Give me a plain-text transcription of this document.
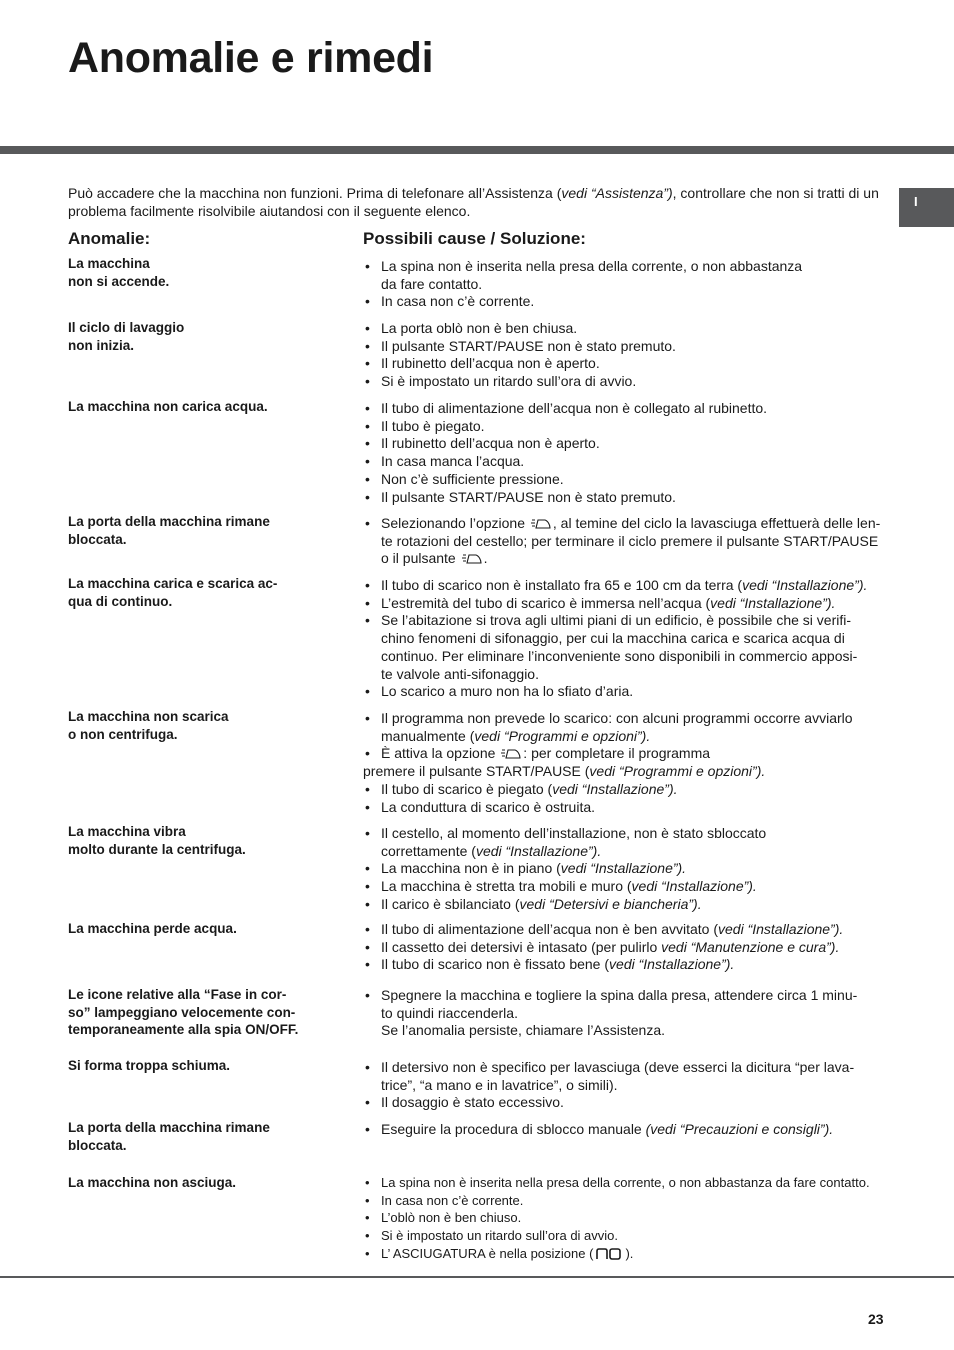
Anomalie e rimedi
I

Può accadere che la macchina non funzioni. Prima di telefonare all’Assistenza (vedi “Assistenza”), controllare che non si tratti di un problema facilmente risolvibile aiutandosi con il seguente elenco.

Anomalie:	Possibili cause / Soluzione:

La macchina
non si accende.

• La spina non è inserita nella presa della corrente, o non abbastanza
da fare contatto.
• In casa non c’è corrente.

Il ciclo di lavaggio
non inizia.

• La porta oblò non è ben chiusa.
• Il pulsante START/PAUSE non è stato premuto.
• Il rubinetto dell’acqua non è aperto.
• Si è impostato un ritardo sull’ora di avvio.

La macchina non carica acqua.	• Il tubo di alimentazione dell’acqua non è collegato al rubinetto.
• Il tubo è piegato.
• Il rubinetto dell’acqua non è aperto.
• In casa manca l’acqua.
• Non c’è sufficiente pressione.
• Il pulsante START/PAUSE non è stato premuto.

La porta della macchina rimane
bloccata.

• Selezionando l’opzione , al temine del ciclo la lavasciuga effettuerà delle len-
te rotazioni del cestello; per terminare il ciclo premere il pulsante START/PAUSE
o il pulsante .

La macchina carica e scarica ac-
qua di continuo.

• Il tubo di scarico non è installato fra 65 e 100 cm da terra (vedi “Installazione”).
• L’estremità del tubo di scarico è immersa nell’acqua (vedi “Installazione”).
• Se l’abitazione si trova agli ultimi piani di un edificio, è possibile che si verifi-
chino fenomeni di sifonaggio, per cui la macchina carica e scarica acqua di
continuo. Per eliminare l’inconveniente sono disponibili in commercio apposi-
te valvole anti-sifonaggio.
• Lo scarico a muro non ha lo sfiato d’aria.

La macchina non scarica
o non centrifuga.

• Il programma non prevede lo scarico: con alcuni programmi occorre avviarlo
manualmente (vedi “Programmi e opzioni”).
• È attiva la opzione : per completare il programma
premere il pulsante START/PAUSE (vedi “Programmi e opzioni”).
• Il tubo di scarico è piegato (vedi “Installazione”).
• La conduttura di scarico è ostruita.

La macchina vibra
molto durante la centrifuga.

• Il cestello, al momento dell’installazione, non è stato sbloccato
correttamente (vedi “Installazione”).
• La macchina non è in piano (vedi “Installazione”).
• La macchina è stretta tra mobili e muro (vedi “Installazione”).
• Il carico è sbilanciato (vedi “Detersivi e biancheria”).

La macchina perde acqua.	• Il tubo di alimentazione dell’acqua non è ben avvitato (vedi “Installazione”).
• Il cassetto dei detersivi è intasato (per pulirlo vedi “Manutenzione e cura”).
• Il tubo di scarico non è fissato bene (vedi “Installazione”).

Le icone relative alla “Fase in cor-
so” lampeggiano velocemente con-
temporaneamente alla spia ON/OFF.

• Spegnere la macchina e togliere la spina dalla presa, attendere circa 1 minu-
to quindi riaccenderla.
Se l’anomalia persiste, chiamare l’Assistenza.

Si forma troppa schiuma.	• Il detersivo non è specifico per lavasciuga (deve esserci la dicitura “per lava-
trice”, “a mano e in lavatrice”, o simili).
• Il dosaggio è stato eccessivo.

La porta della macchina rimane
bloccata.

• Eseguire la procedura di sblocco manuale (vedi “Precauzioni e consigli”).

La macchina non asciuga.	• La spina non è inserita nella presa della corrente, o non abbastanza da fare contatto.
• In casa non c’è corrente.
• L’oblò non è ben chiuso.
• Si è impostato un ritardo sull’ora di avvio.
• L’ ASCIUGATURA è nella posizione ( ).
23
